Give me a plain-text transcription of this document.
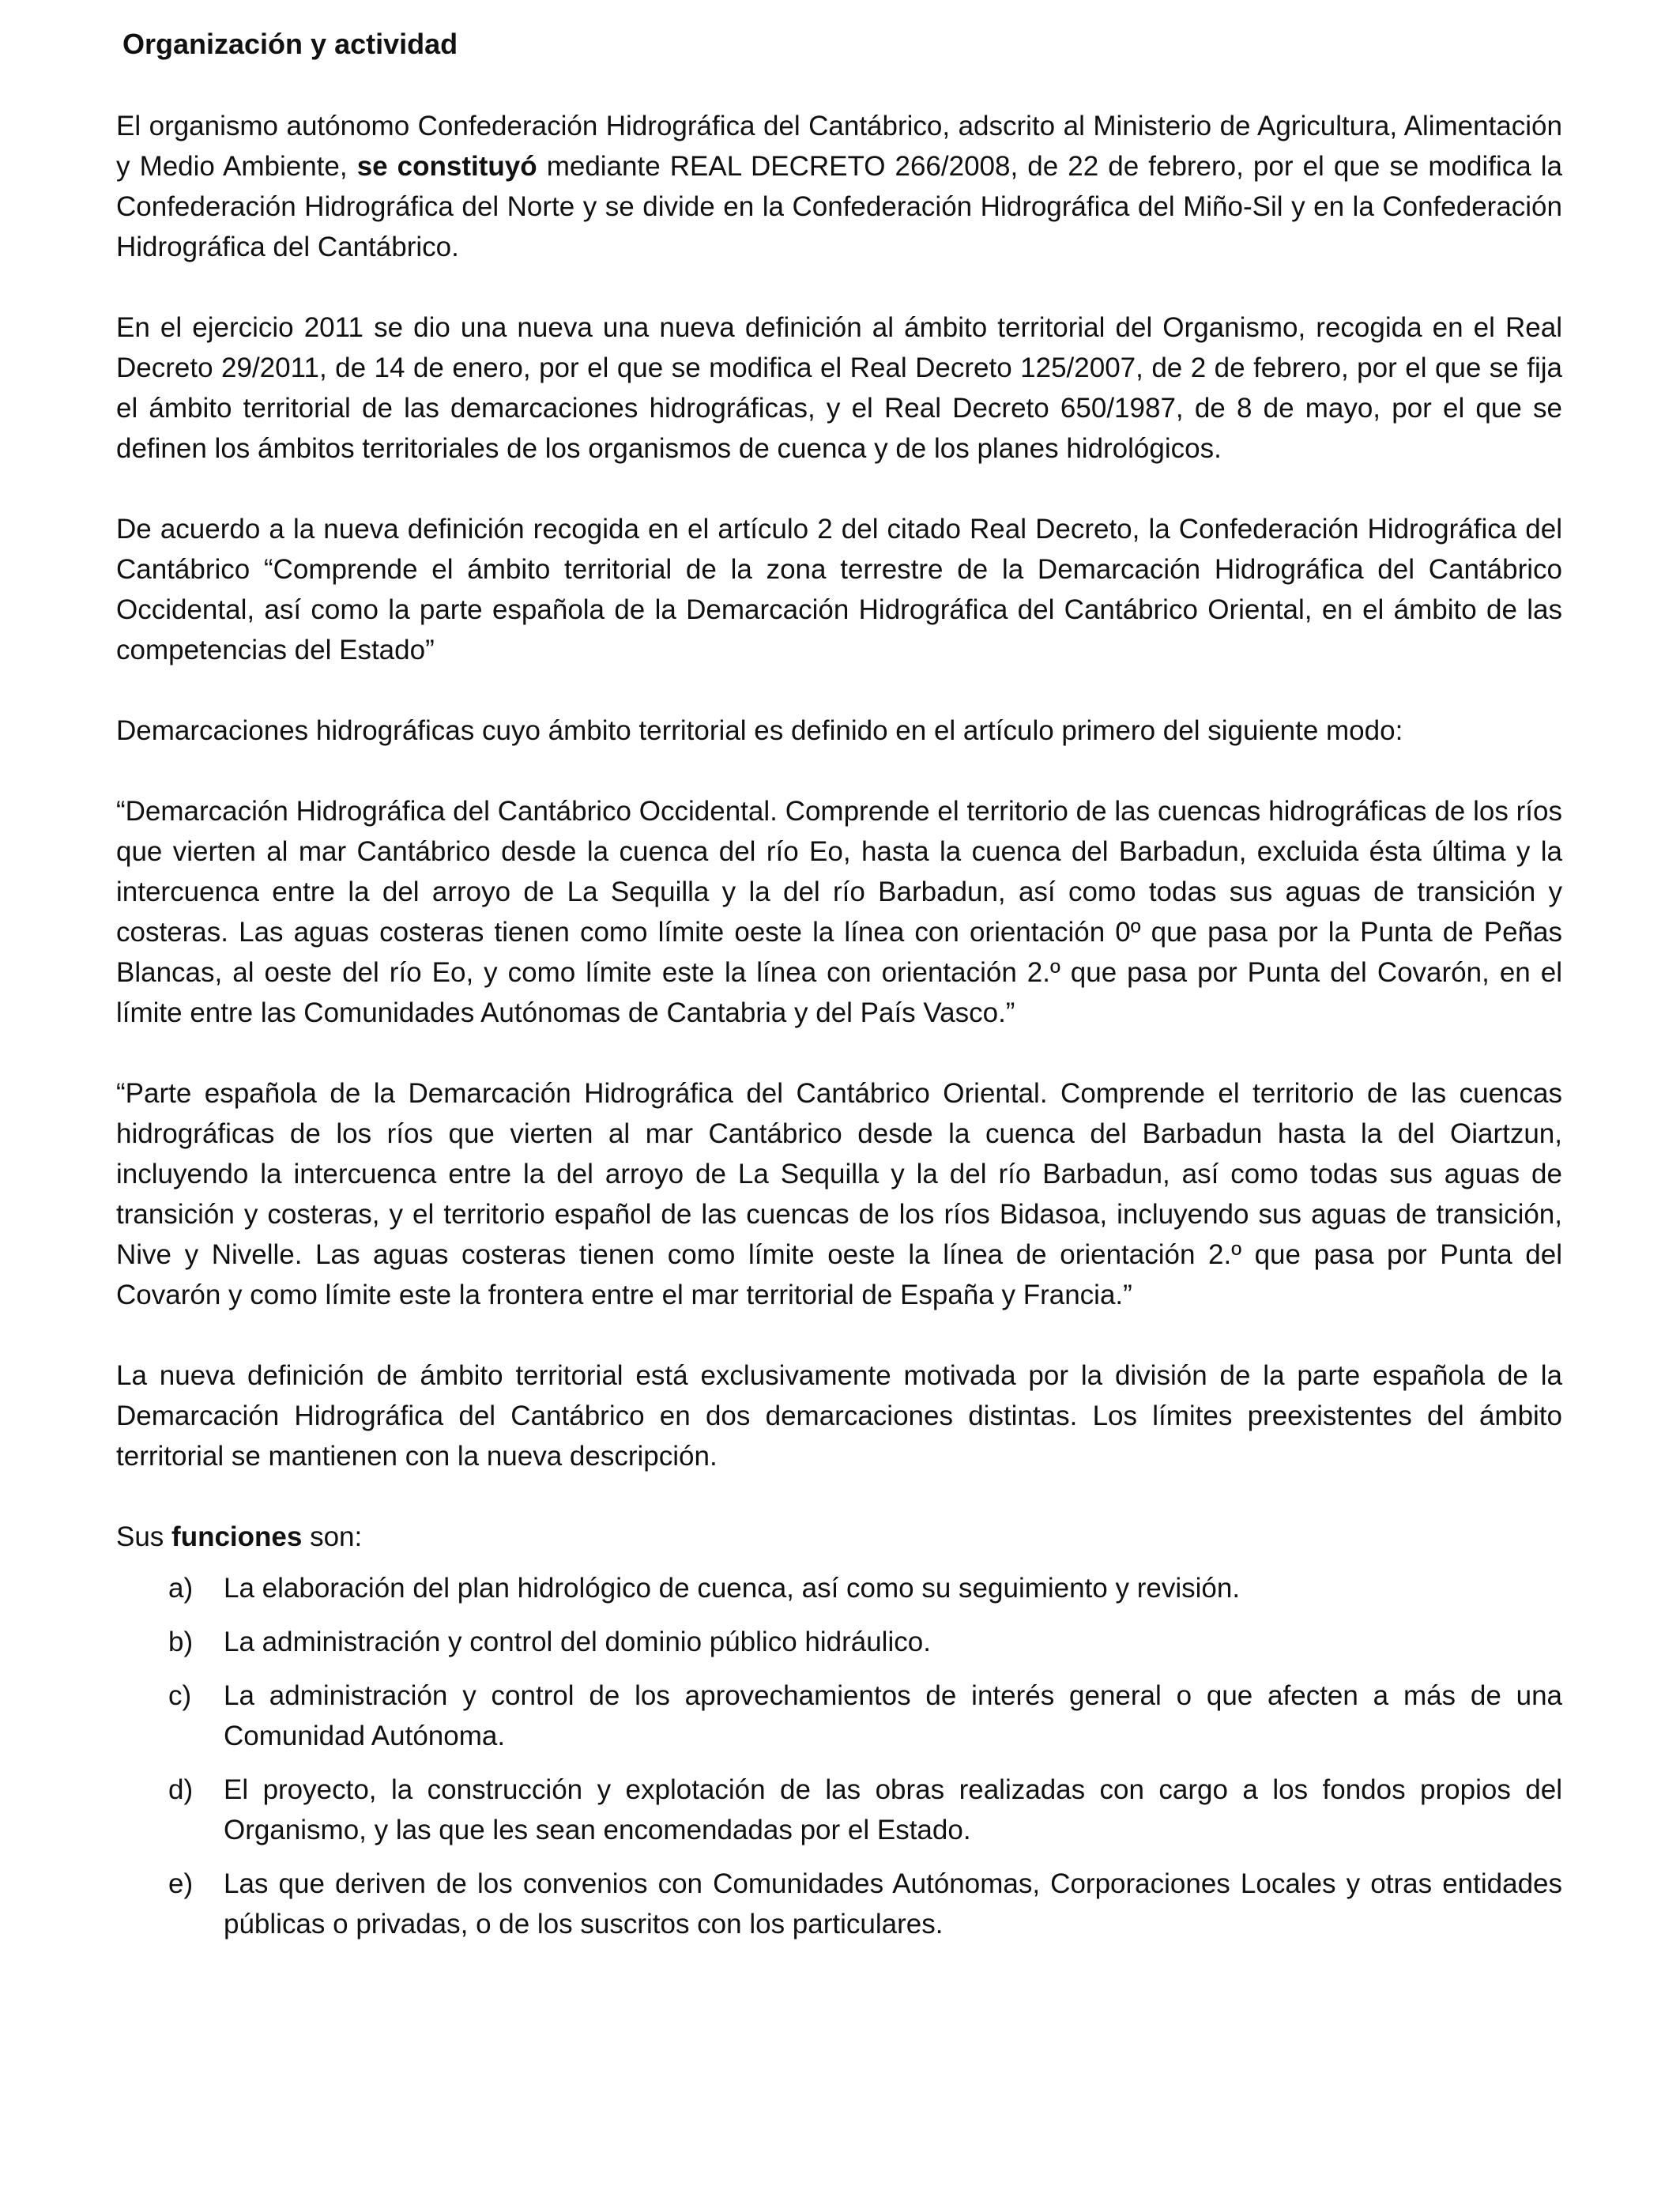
Organización y actividad

El organismo autónomo Confederación Hidrográfica del Cantábrico, adscrito al Ministerio de Agricultura, Alimentación y Medio Ambiente, se constituyó mediante REAL DECRETO 266/2008, de 22 de febrero, por el que se modifica la Confederación Hidrográfica del Norte y se divide en la Confederación Hidrográfica del Miño-Sil y en la Confederación Hidrográfica del Cantábrico.

En el ejercicio 2011 se dio una nueva una nueva definición al ámbito territorial del Organismo, recogida en el Real Decreto 29/2011, de 14 de enero, por el que se modifica el Real Decreto 125/2007, de 2 de febrero, por el que se fija el ámbito territorial de las demarcaciones hidrográficas, y el Real Decreto 650/1987, de 8 de mayo, por el que se definen los ámbitos territoriales de los organismos de cuenca y de los planes hidrológicos.

De acuerdo a la nueva definición recogida en el artículo 2 del citado Real Decreto, la Confederación Hidrográfica del Cantábrico “Comprende el ámbito territorial de la zona terrestre de la Demarcación Hidrográfica del Cantábrico Occidental, así como la parte española de la Demarcación Hidrográfica del Cantábrico Oriental, en el ámbito de las competencias del Estado”

Demarcaciones hidrográficas cuyo ámbito territorial es definido en el artículo primero del siguiente modo:

“Demarcación Hidrográfica del Cantábrico Occidental. Comprende el territorio de las cuencas hidrográficas de los ríos que vierten al mar Cantábrico desde la cuenca del río Eo, hasta la cuenca del Barbadun, excluida ésta última y la intercuenca entre la del arroyo de La Sequilla y la del río Barbadun, así como todas sus aguas de transición y costeras. Las aguas costeras tienen como límite oeste la línea con orientación 0º que pasa por la Punta de Peñas Blancas, al oeste del río Eo, y como límite este la línea con orientación 2.º que pasa por Punta del Covarón, en el límite entre las Comunidades Autónomas de Cantabria y del País Vasco.”

“Parte española de la Demarcación Hidrográfica del Cantábrico Oriental. Comprende el territorio de las cuencas hidrográficas de los ríos que vierten al mar Cantábrico desde la cuenca del Barbadun hasta la del Oiartzun, incluyendo la intercuenca entre la del arroyo de La Sequilla y la del río Barbadun, así como todas sus aguas de transición y costeras, y el territorio español de las cuencas de los ríos Bidasoa, incluyendo sus aguas de transición, Nive y Nivelle. Las aguas costeras tienen como límite oeste la línea de orientación 2.º que pasa por Punta del Covarón y como límite este la frontera entre el mar territorial de España y Francia.”

La nueva definición de ámbito territorial está exclusivamente motivada por la división de la parte española de la Demarcación Hidrográfica del Cantábrico en dos demarcaciones distintas. Los límites preexistentes del ámbito territorial se mantienen con la nueva descripción.

Sus funciones son:

a)	La elaboración del plan hidrológico de cuenca, así como su seguimiento y revisión.
b)	La administración y control del dominio público hidráulico.
c)	La administración y control de los aprovechamientos de interés general o que afecten a más de una Comunidad Autónoma.
d)	El proyecto, la construcción y explotación de las obras realizadas con cargo a los fondos propios del Organismo, y las que les sean encomendadas por el Estado.
e)	Las que deriven de los convenios con Comunidades Autónomas, Corporaciones Locales y otras entidades públicas o privadas, o de los suscritos con los particulares.
